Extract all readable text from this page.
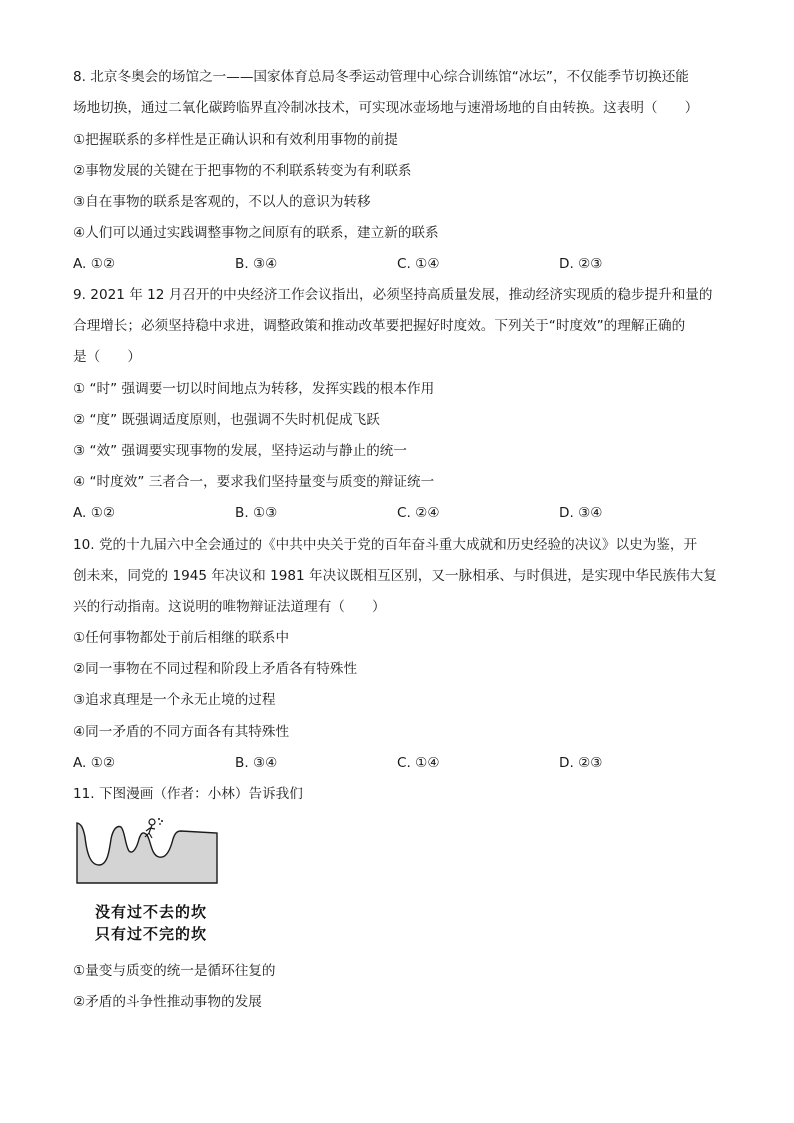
8. 北京冬奥会的场馆之一——国家体育总局冬季运动管理中心综合训练馆“冰坛”，不仅能季节切换还能
场地切换，通过二氧化碳跨临界直冷制冰技术，可实现冰壶场地与速滑场地的自由转换。这表明（　　）
①把握联系的多样性是正确认识和有效利用事物的前提
②事物发展的关键在于把事物的不利联系转变为有利联系
③自在事物的联系是客观的，不以人的意识为转移
④人们可以通过实践调整事物之间原有的联系，建立新的联系
A. ①②	B. ③④	C. ①④	D. ②③
9. 2021 年 12 月召开的中央经济工作会议指出，必须坚持高质量发展，推动经济实现质的稳步提升和量的
合理增长；必须坚持稳中求进，调整政策和推动改革要把握好时度效。下列关于“时度效”的理解正确的
是（　　）
① “时” 强调要一切以时间地点为转移，发挥实践的根本作用
② “度” 既强调适度原则，也强调不失时机促成飞跃
③ “效” 强调要实现事物的发展，坚持运动与静止的统一
④ “时度效” 三者合一，要求我们坚持量变与质变的辩证统一
A. ①②	B. ①③	C. ②④	D. ③④
10. 党的十九届六中全会通过的《中共中央关于党的百年奋斗重大成就和历史经验的决议》以史为鉴，开
创未来，同党的 1945 年决议和 1981 年决议既相互区别，又一脉相承、与时俱进，是实现中华民族伟大复
兴的行动指南。这说明的唯物辩证法道理有（　　）
①任何事物都处于前后相继的联系中
②同一事物在不同过程和阶段上矛盾各有特殊性
③追求真理是一个永无止境的过程
④同一矛盾的不同方面各有其特殊性
A. ①②	B. ③④	C. ①④	D. ②③
11. 下图漫画（作者：小林）告诉我们
没有过不去的坎
只有过不完的坎
①量变与质变的统一是循环往复的
②矛盾的斗争性推动事物的发展
